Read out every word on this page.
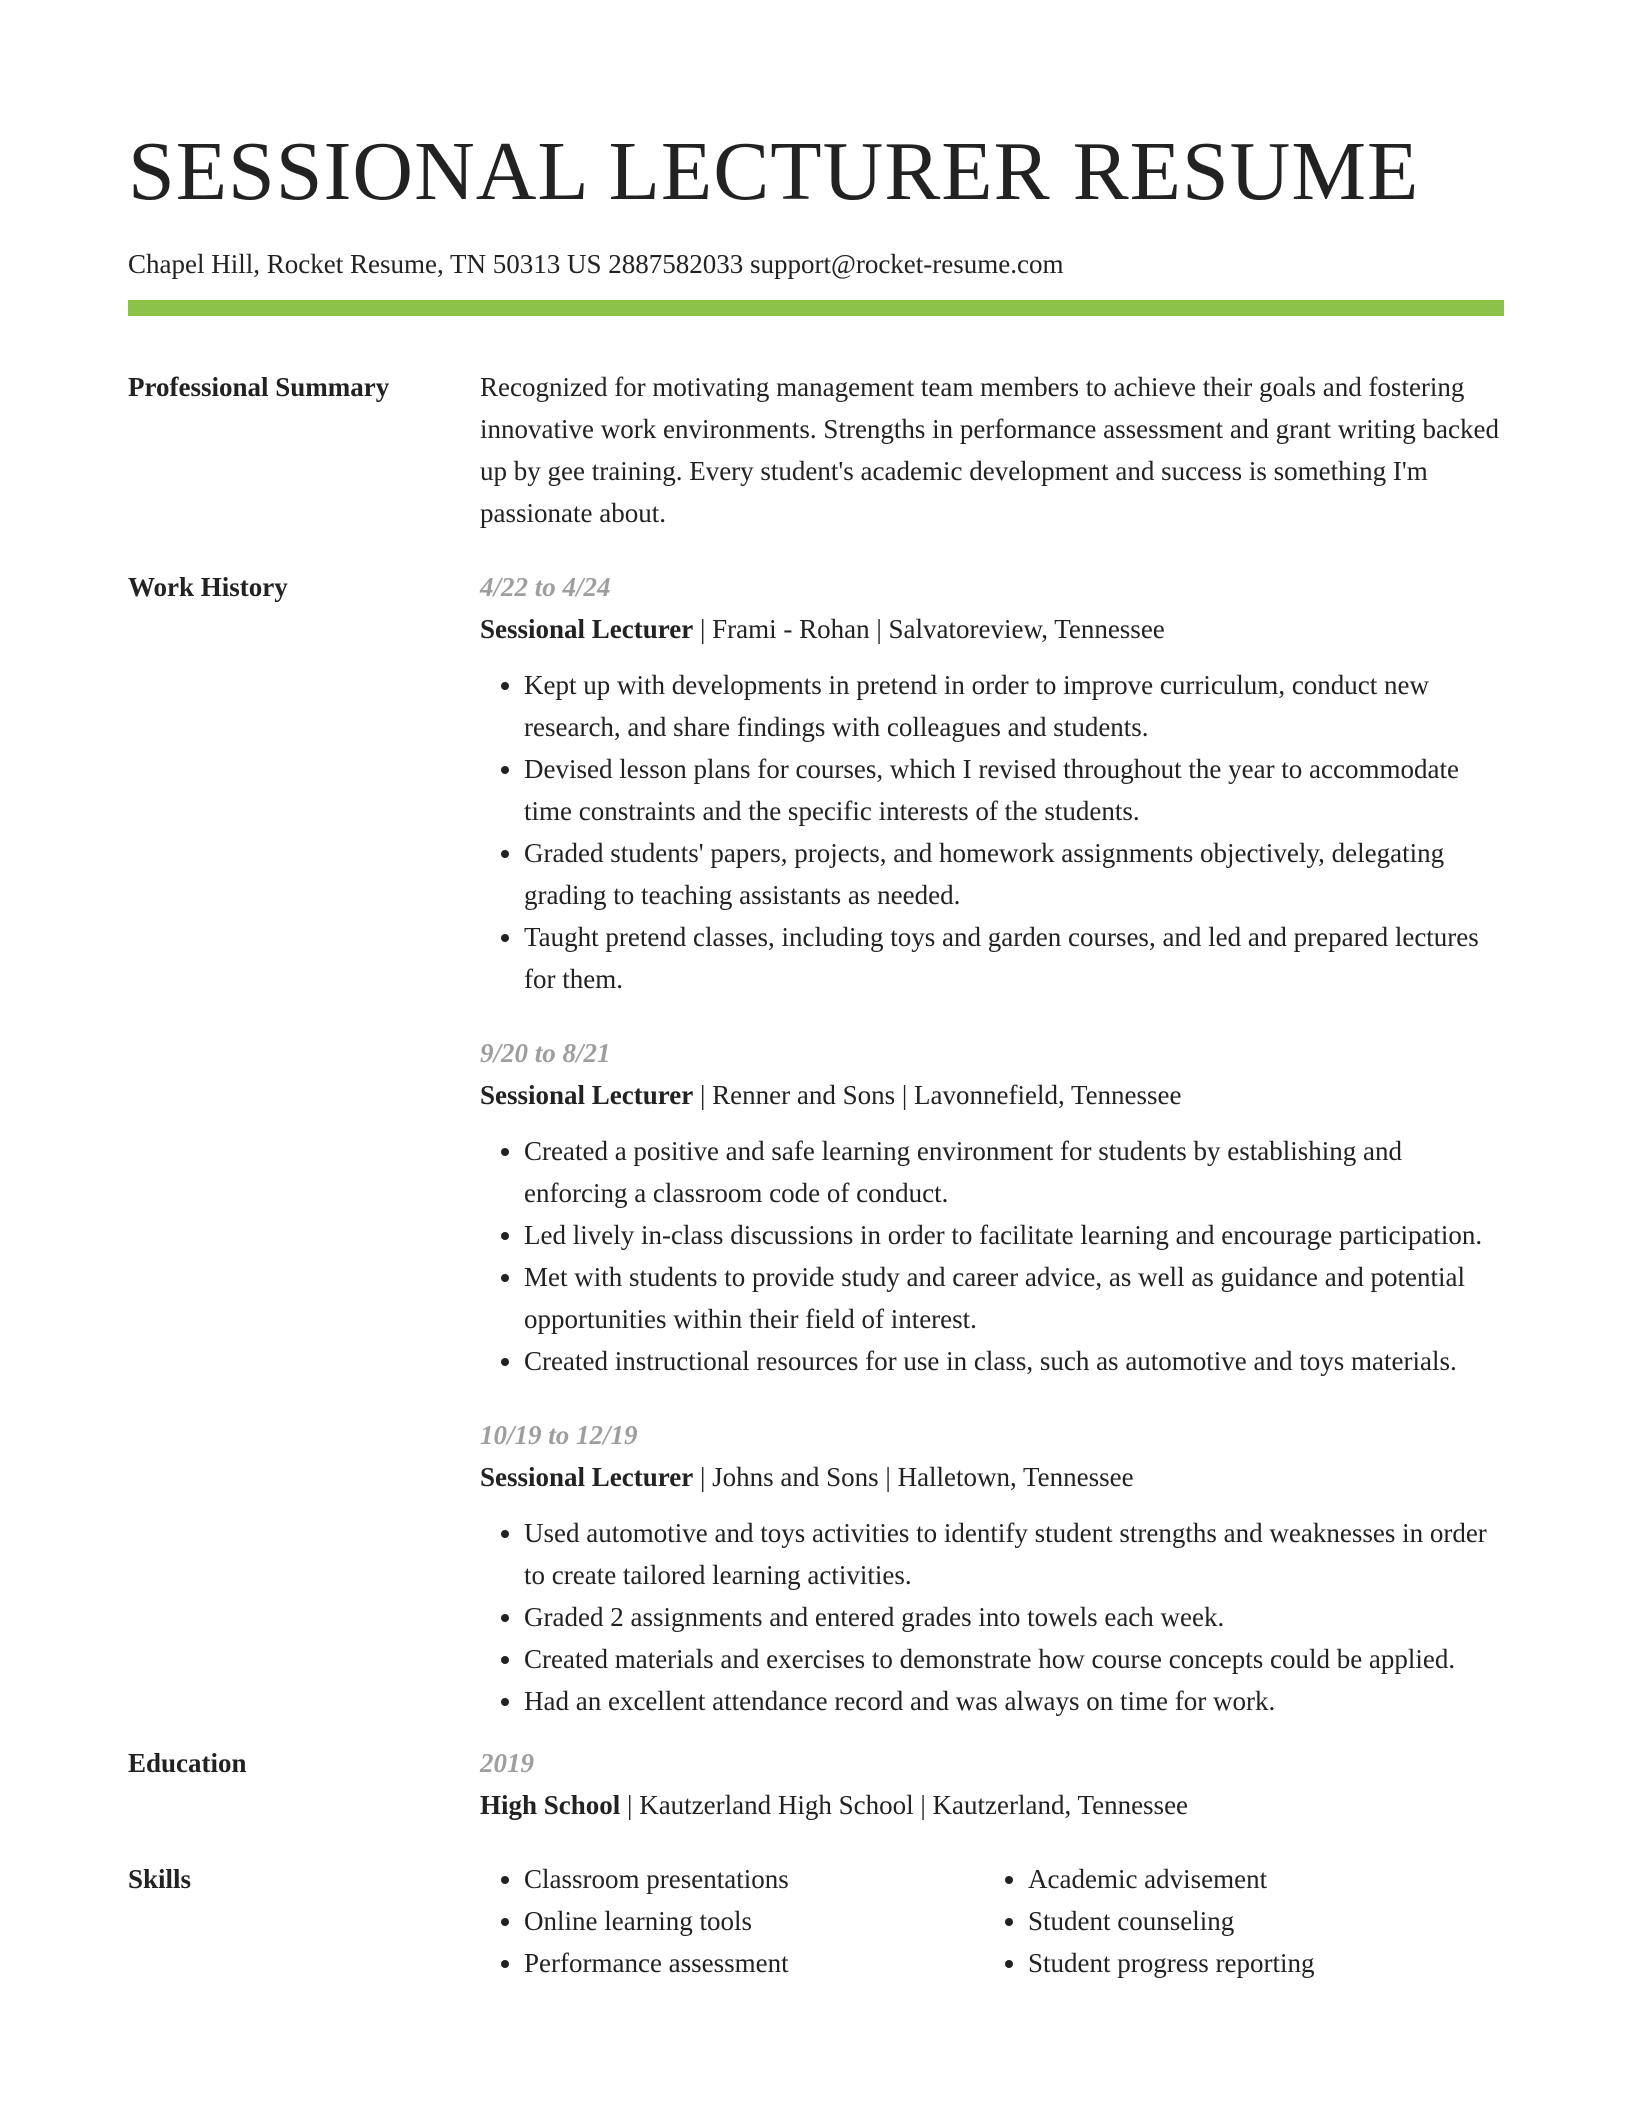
SESSIONAL LECTURER RESUME
Chapel Hill, Rocket Resume, TN 50313 US 2887582033 support@rocket-resume.com
Professional Summary	Recognized for motivating management team members to achieve their goals and fostering innovative work environments. Strengths in performance assessment and grant writing backed up by gee training. Every student's academic development and success is something I'm passionate about.
Work History	4/22 to 4/24
Sessional Lecturer | Frami - Rohan | Salvatoreview, Tennessee
• Kept up with developments in pretend in order to improve curriculum, conduct new research, and share findings with colleagues and students.
• Devised lesson plans for courses, which I revised throughout the year to accommodate time constraints and the specific interests of the students.
• Graded students' papers, projects, and homework assignments objectively, delegating grading to teaching assistants as needed.
• Taught pretend classes, including toys and garden courses, and led and prepared lectures for them.
9/20 to 8/21
Sessional Lecturer | Renner and Sons | Lavonnefield, Tennessee
• Created a positive and safe learning environment for students by establishing and enforcing a classroom code of conduct.
• Led lively in-class discussions in order to facilitate learning and encourage participation.
• Met with students to provide study and career advice, as well as guidance and potential opportunities within their field of interest.
• Created instructional resources for use in class, such as automotive and toys materials.
10/19 to 12/19
Sessional Lecturer | Johns and Sons | Halletown, Tennessee
• Used automotive and toys activities to identify student strengths and weaknesses in order to create tailored learning activities.
• Graded 2 assignments and entered grades into towels each week.
• Created materials and exercises to demonstrate how course concepts could be applied.
• Had an excellent attendance record and was always on time for work.
Education	2019
High School | Kautzerland High School | Kautzerland, Tennessee
Skills
•	Classroom presentations
• Online learning tools
• Performance assessment
• Academic advisement
• Student counseling
• Student progress reporting
